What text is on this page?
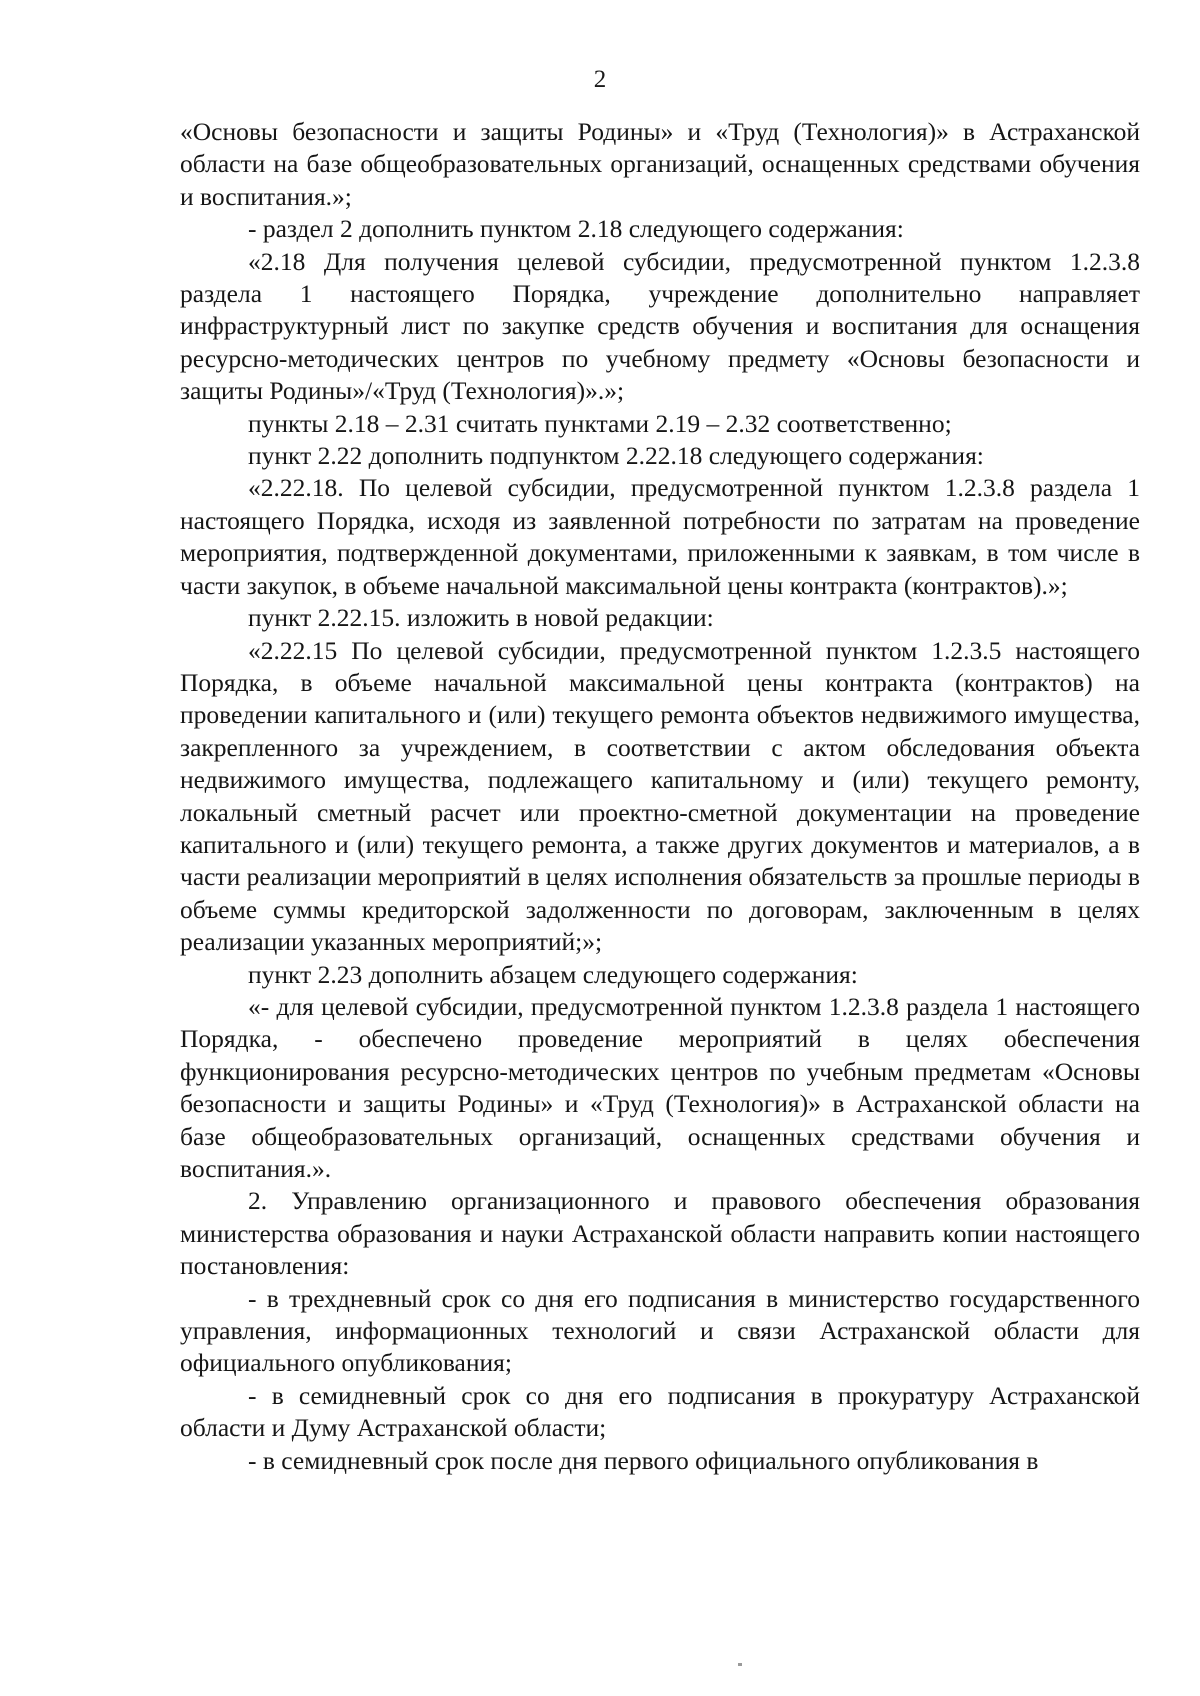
2

«Основы безопасности и защиты Родины» и «Труд (Технология)» в Астраханской области на базе общеобразовательных организаций, оснащенных средствами обучения и воспитания.»;

- раздел 2 дополнить пунктом 2.18 следующего содержания:

«2.18 Для получения целевой субсидии, предусмотренной пунктом 1.2.3.8 раздела 1 настоящего Порядка, учреждение дополнительно направляет инфраструктурный лист по закупке средств обучения и воспитания для оснащения ресурсно-методических центров по учебному предмету «Основы безопасности и защиты Родины»/«Труд (Технология)».»;

пункты 2.18 – 2.31 считать пунктами 2.19 – 2.32 соответственно;

пункт 2.22 дополнить подпунктом 2.22.18 следующего содержания:

«2.22.18. По целевой субсидии, предусмотренной пунктом 1.2.3.8 раздела 1 настоящего Порядка, исходя из заявленной потребности по затратам на проведение мероприятия, подтвержденной документами, приложенными к заявкам, в том числе в части закупок, в объеме начальной максимальной цены контракта (контрактов).»;

пункт 2.22.15. изложить в новой редакции:

«2.22.15 По целевой субсидии, предусмотренной пунктом 1.2.3.5 настоящего Порядка, в объеме начальной максимальной цены контракта (контрактов) на проведении капитального и (или) текущего ремонта объектов недвижимого имущества, закрепленного за учреждением, в соответствии с актом обследования объекта недвижимого имущества, подлежащего капитальному и (или) текущего ремонту, локальный сметный расчет или проектно-сметной документации на проведение капитального и (или) текущего ремонта, а также других документов и материалов, а в части реализации мероприятий в целях исполнения обязательств за прошлые периоды в объеме суммы кредиторской задолженности по договорам, заключенным в целях реализации указанных мероприятий;»;

пункт 2.23 дополнить абзацем следующего содержания:

«- для целевой субсидии, предусмотренной пунктом 1.2.3.8 раздела 1 настоящего Порядка, - обеспечено проведение мероприятий в целях обеспечения функционирования ресурсно-методических центров по учебным предметам «Основы безопасности и защиты Родины» и «Труд (Технология)» в Астраханской области на базе общеобразовательных организаций, оснащенных средствами обучения и воспитания.».

2. Управлению организационного и правового обеспечения образования министерства образования и науки Астраханской области направить копии настоящего постановления:

- в трехдневный срок со дня его подписания в министерство государственного управления, информационных технологий и связи Астраханской области для официального опубликования;

- в семидневный срок со дня его подписания в прокуратуру Астраханской области и Думу Астраханской области;

- в семидневный срок после дня первого официального опубликования в
